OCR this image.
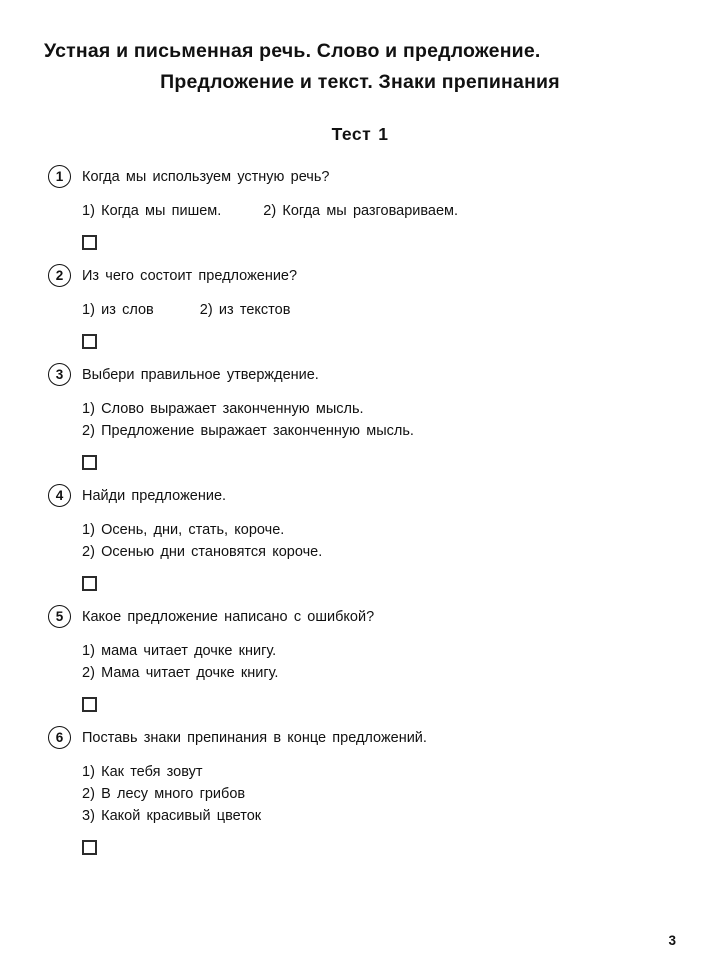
Устная и письменная речь. Слово и предложение.
Предложение и текст. Знаки препинания
Тест 1
1	Когда мы используем устную речь?
1) Когда мы пишем.	2) Когда мы разговариваем.
2	Из чего состоит предложение?
1) из слов	2) из текстов
3	Выбери правильное утверждение.
1) Слово выражает законченную мысль.
2) Предложение выражает законченную мысль.
4	Найди предложение.
1) Осень, дни, стать, короче.
2) Осенью дни становятся короче.
5	Какое предложение написано с ошибкой?
1) мама читает дочке книгу.
2) Мама читает дочке книгу.
6	Поставь знаки препинания в конце предложений.
1) Как тебя зовут
2) В лесу много грибов
3) Какой красивый цветок
3
